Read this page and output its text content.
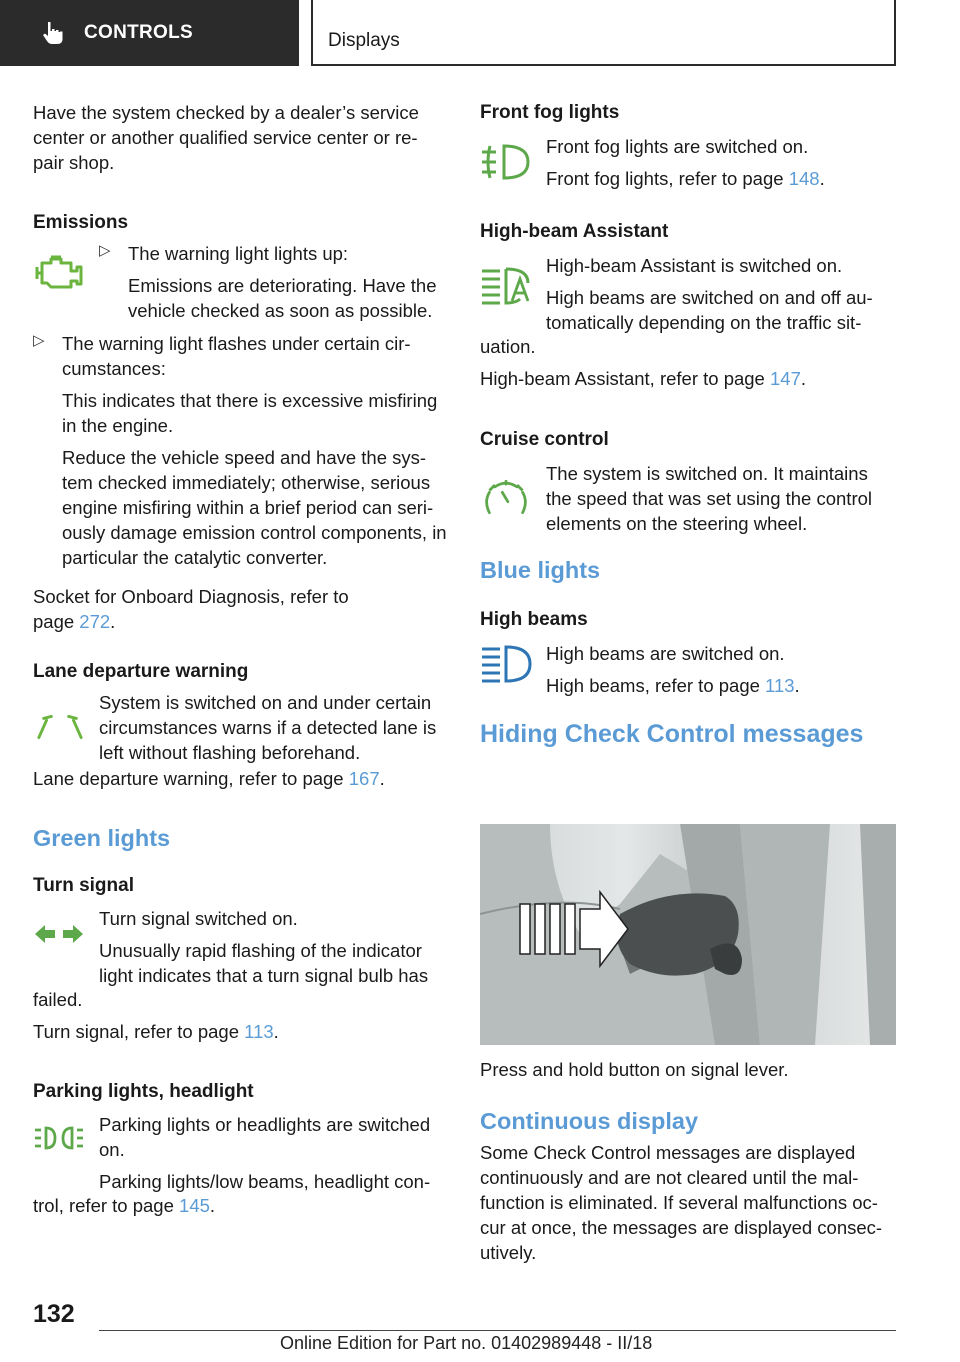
CONTROLS	Displays

Have the system checked by a dealer’s service center or another qualified service center or re-pair shop.

Emissions
▷ The warning light lights up:

Emissions are deteriorating. Have the vehicle checked as soon as possible.

▷ The warning light flashes under certain cir-cumstances:

This indicates that there is excessive misfiring in the engine.

Reduce the vehicle speed and have the sys-tem checked immediately; otherwise, serious engine misfiring within a brief period can seri-ously damage emission control components, in particular the catalytic converter.

Socket for Onboard Diagnosis, refer to
page 272.

Lane departure warning

System is switched on and under certain circumstances warns if a detected lane is left without flashing beforehand.

Lane departure warning, refer to page 167.

Green lights
Turn signal

Turn signal switched on.

Unusually rapid flashing of the indicator light indicates that a turn signal bulb has

failed.

Turn signal, refer to page 113.

Parking lights, headlight

Parking lights or headlights are switched on.

Parking lights/low beams, headlight con-

trol, refer to page 145.

Front fog lights

Front fog lights are switched on.

Front fog lights, refer to page 148.

High-beam Assistant

High-beam Assistant is switched on.

High beams are switched on and off au-tomatically depending on the traffic sit-

uation.

High-beam Assistant, refer to page 147.

Cruise control

The system is switched on. It maintains the speed that was set using the control elements on the steering wheel.

Blue lights
High beams

High beams are switched on.

High beams, refer to page 113.

Hiding Check Control messages

Press and hold button on signal lever.

Continuous display

Some Check Control messages are displayed continuously and are not cleared until the mal-function is eliminated. If several malfunctions oc-cur at once, the messages are displayed consec-utively.

132
Online Edition for Part no. 01402989448 - II/18
